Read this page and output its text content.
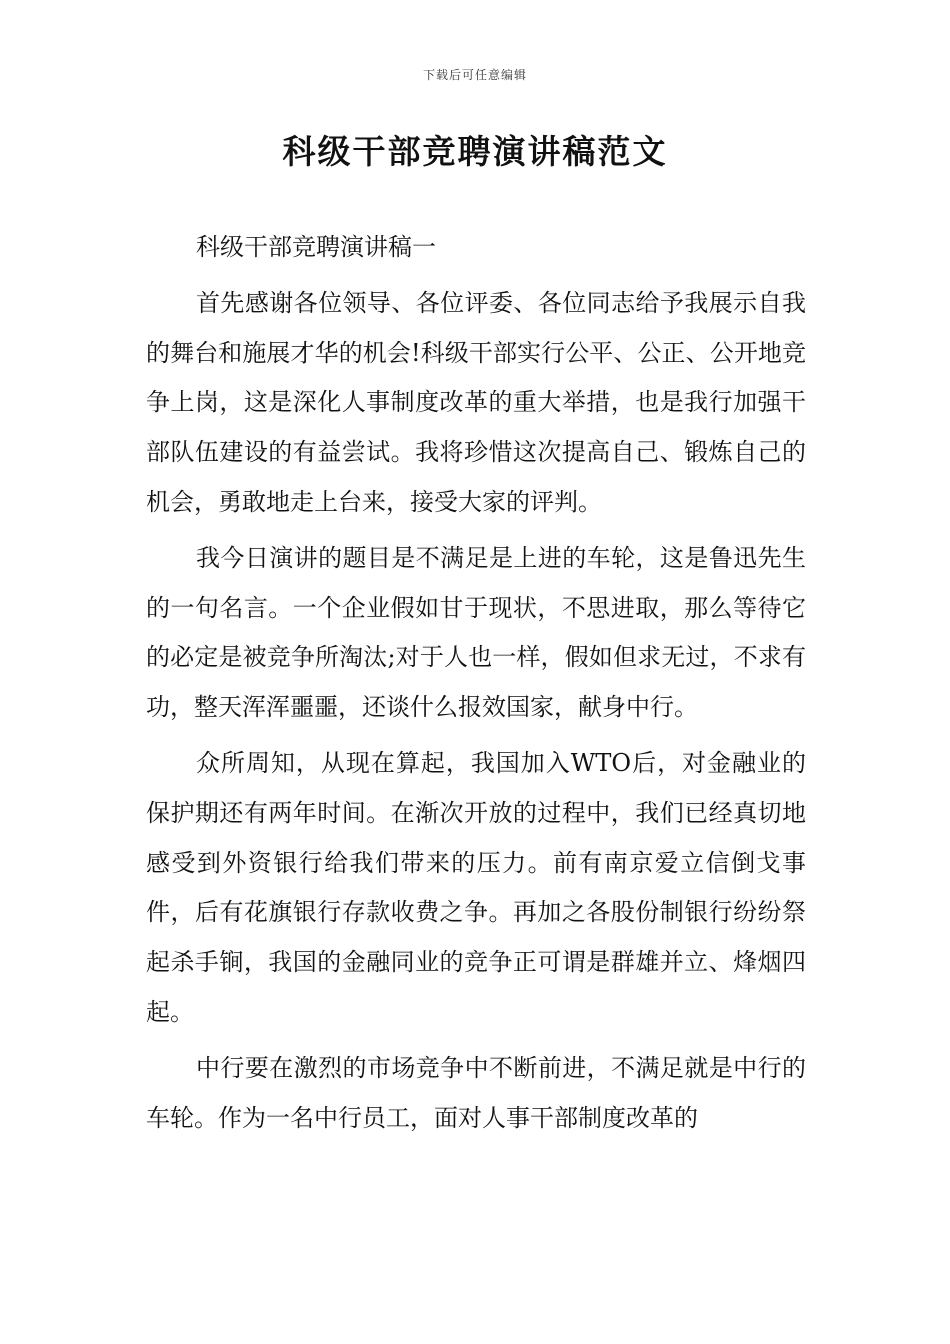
下载后可任意编辑
科级干部竞聘演讲稿范文

科级干部竞聘演讲稿一

首先感谢各位领导、各位评委、各位同志给予我展示自我的舞台和施展才华的机会!科级干部实行公平、公正、公开地竞争上岗，这是深化人事制度改革的重大举措，也是我行加强干部队伍建设的有益尝试。我将珍惜这次提高自己、锻炼自己的机会，勇敢地走上台来，接受大家的评判。

我今日演讲的题目是不满足是上进的车轮，这是鲁迅先生的一句名言。一个企业假如甘于现状，不思进取，那么等待它的必定是被竞争所淘汰;对于人也一样，假如但求无过，不求有功，整天浑浑噩噩，还谈什么报效国家，献身中行。

众所周知，从现在算起，我国加入WTO后，对金融业的保护期还有两年时间。在渐次开放的过程中，我们已经真切地感受到外资银行给我们带来的压力。前有南京爱立信倒戈事件，后有花旗银行存款收费之争。再加之各股份制银行纷纷祭起杀手锏，我国的金融同业的竞争正可谓是群雄并立、烽烟四起。

中行要在激烈的市场竞争中不断前进，不满足就是中行的车轮。作为一名中行员工，面对人事干部制度改革的
